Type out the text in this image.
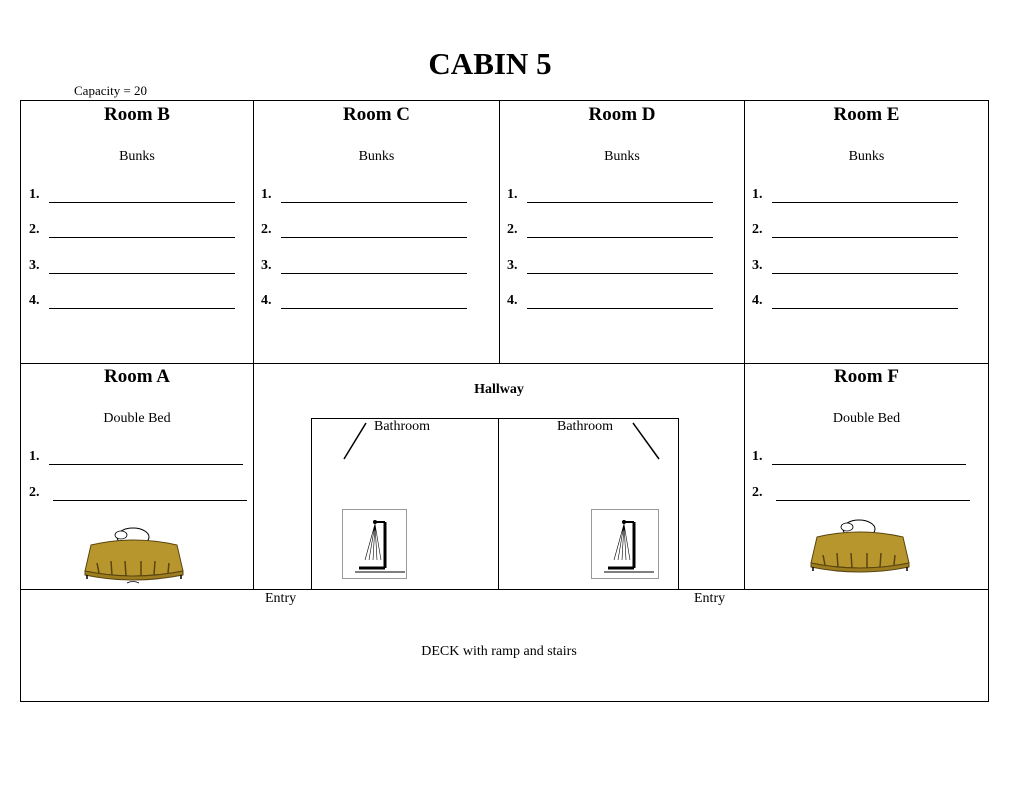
CABIN 5
Capacity = 20
Room B
Bunks
1.
2.
3.
4.
Room C
Bunks
1.
2.
3.
4.
Room D
Bunks
1.
2.
3.
4.
Room E
Bunks
1.
2.
3.
4.
Room A
Double Bed
1.
2.
Room F
Double Bed
1.
2.
Hallway
Bathroom	Bathroom
Entry	Entry
DECK with ramp and stairs
